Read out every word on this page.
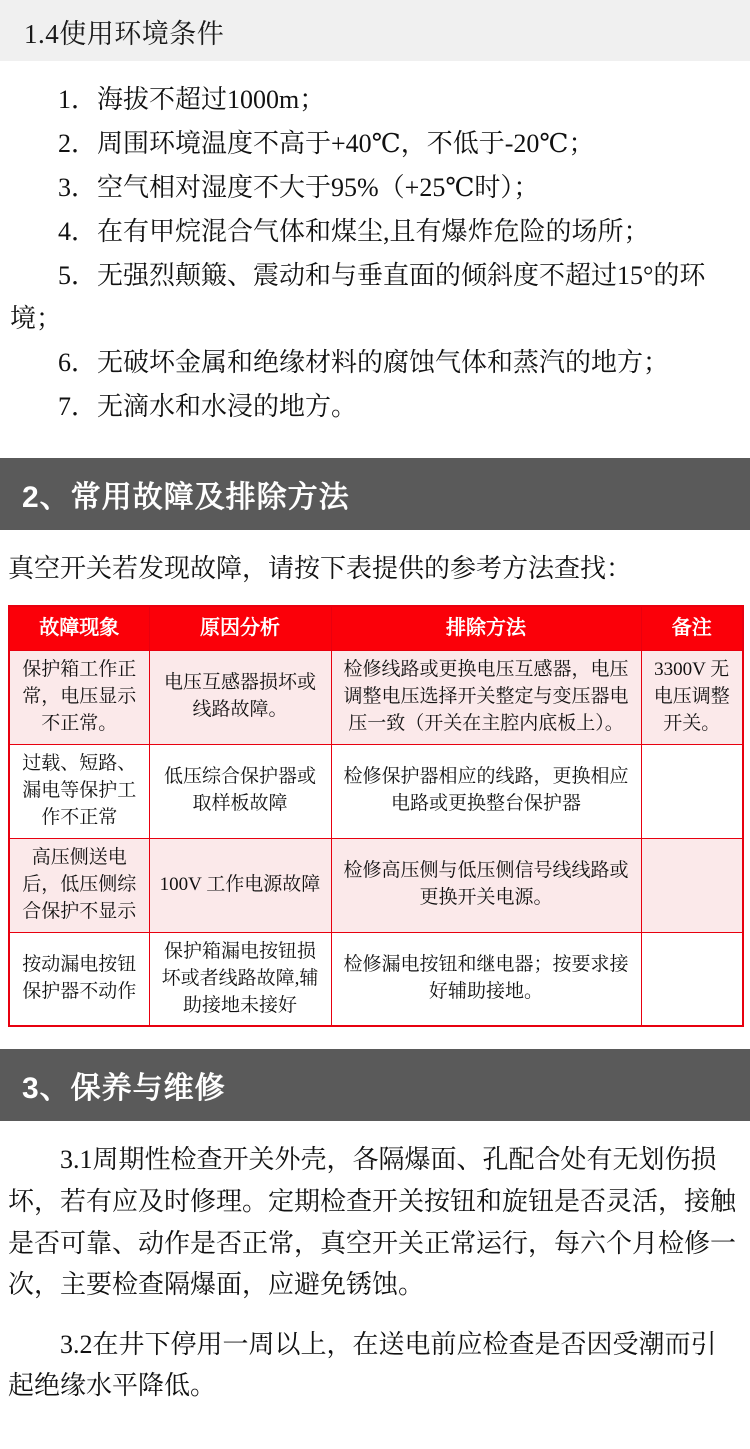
1.4使用环境条件

1．海拔不超过1000m；

2．周围环境温度不高于+40℃，不低于-20℃；

3．空气相对湿度不大于95%（+25℃时）；

4．在有甲烷混合气体和煤尘,且有爆炸危险的场所；

5．无强烈颠簸、震动和与垂直面的倾斜度不超过15°的环境；

6．无破坏金属和绝缘材料的腐蚀气体和蒸汽的地方；

7．无滴水和水浸的地方。

2、常用故障及排除方法

真空开关若发现故障，请按下表提供的参考方法查找：

故障现象	原因分析	排除方法	备注
保护箱工作正常，电压显示不正常。	电压互感器损坏或线路故障。	检修线路或更换电压互感器，电压调整电压选择开关整定与变压器电压一致（开关在主腔内底板上）。	3300V 无电压调整开关。
过载、短路、漏电等保护工作不正常	低压综合保护器或取样板故障	检修保护器相应的线路，更换相应电路或更换整台保护器	
高压侧送电后，低压侧综合保护不显示	100V 工作电源故障	检修高压侧与低压侧信号线线路或更换开关电源。	
按动漏电按钮保护器不动作	保护箱漏电按钮损坏或者线路故障,辅助接地未接好	检修漏电按钮和继电器；按要求接好辅助接地。	
3、保养与维修

3.1周期性检查开关外壳，各隔爆面、孔配合处有无划伤损坏，若有应及时修理。定期检查开关按钮和旋钮是否灵活，接触是否可靠、动作是否正常，真空开关正常运行，每六个月检修一次，主要检查隔爆面，应避免锈蚀。

3.2在井下停用一周以上，在送电前应检查是否因受潮而引起绝缘水平降低。
